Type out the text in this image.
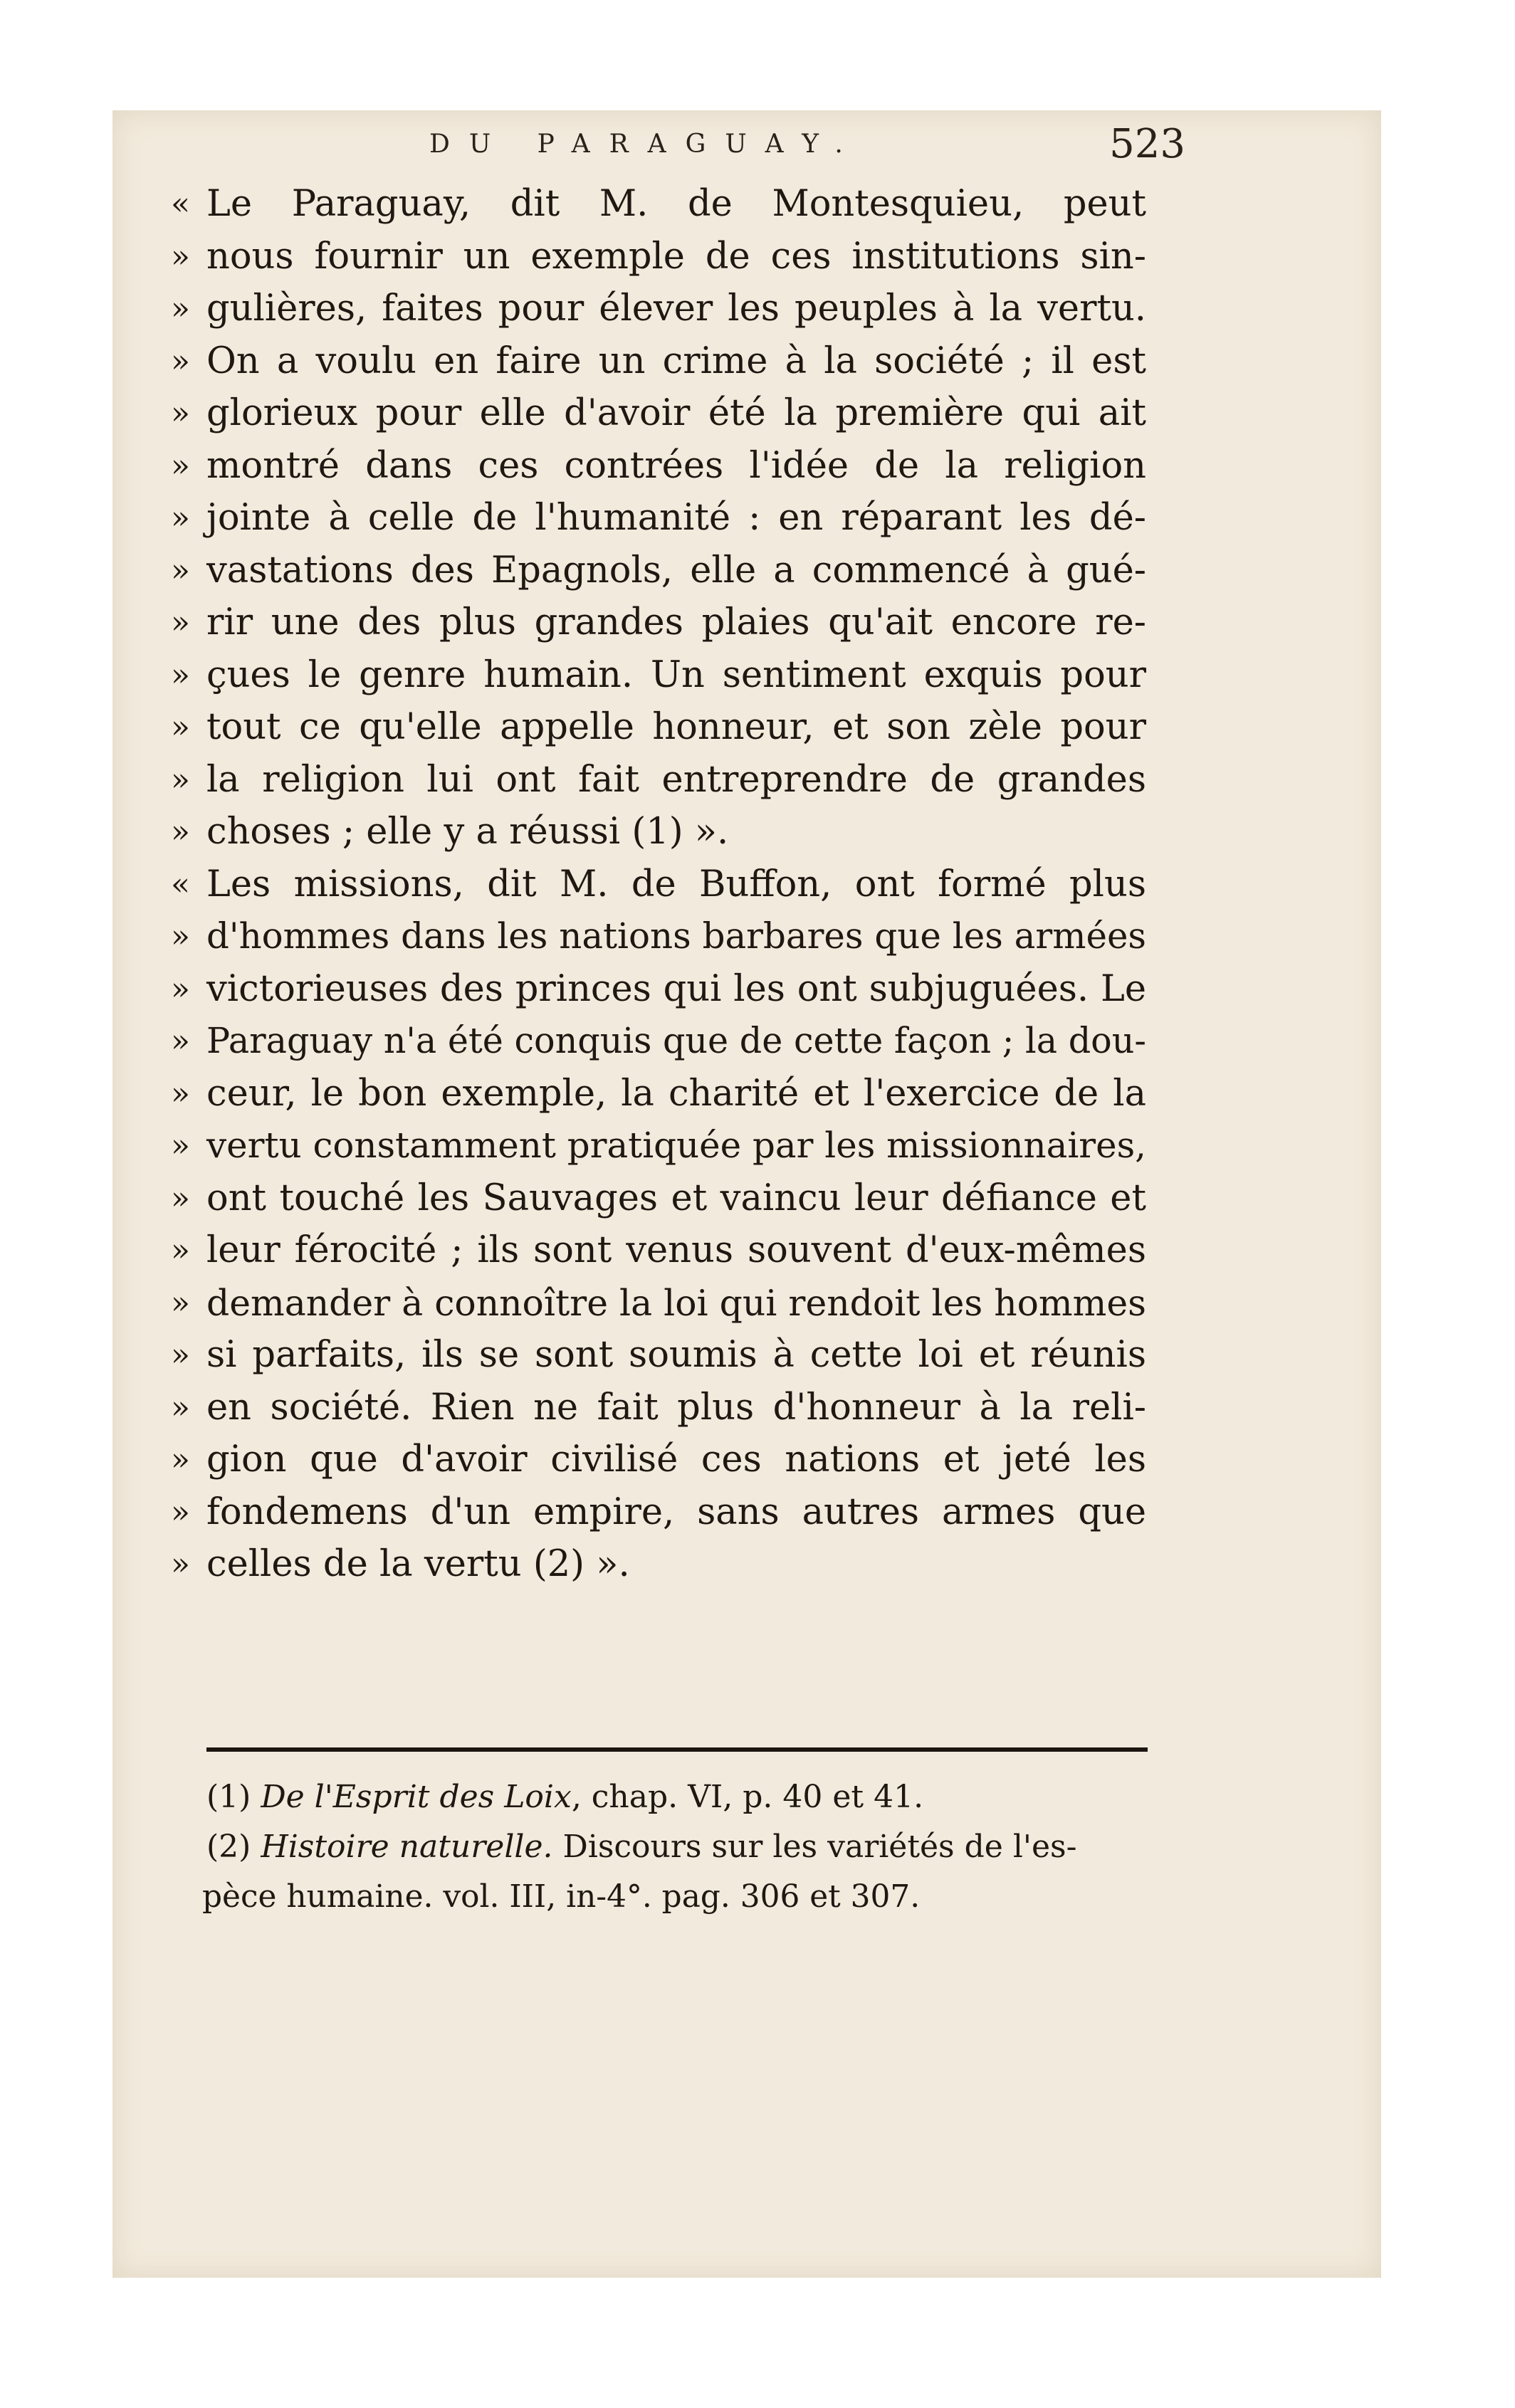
DU PARAGUAY.	523
« Le Paraguay, dit M. de Montesquieu, peut
» nous fournir un exemple de ces institutions sin-
» gulières, faites pour élever les peuples à la vertu.
» On a voulu en faire un crime à la société ; il est
» glorieux pour elle d'avoir été la première qui ait
» montré dans ces contrées l'idée de la religion
» jointe à celle de l'humanité : en réparant les dé-
» vastations des Epagnols, elle a commencé à gué-
» rir une des plus grandes plaies qu'ait encore re-
» çues le genre humain. Un sentiment exquis pour
» tout ce qu'elle appelle honneur, et son zèle pour
» la religion lui ont fait entreprendre de grandes
» choses ; elle y a réussi (1) ».
« Les missions, dit M. de Buffon, ont formé plus
» d'hommes dans les nations barbares que les armées
» victorieuses des princes qui les ont subjuguées. Le
» Paraguay n'a été conquis que de cette façon ; la dou-
» ceur, le bon exemple, la charité et l'exercice de la
» vertu constamment pratiquée par les missionnaires,
» ont touché les Sauvages et vaincu leur défiance et
» leur férocité ; ils sont venus souvent d'eux-mêmes
» demander à connoître la loi qui rendoit les hommes
» si parfaits, ils se sont soumis à cette loi et réunis
» en société. Rien ne fait plus d'honneur à la reli-
» gion que d'avoir civilisé ces nations et jeté les
» fondemens d'un empire, sans autres armes que
» celles de la vertu (2) ».
(1) De l'Esprit des Loix, chap. VI, p. 40 et 41.
(2) Histoire naturelle. Discours sur les variétés de l'es-
pèce humaine. vol. III, in-4°. pag. 306 et 307.
